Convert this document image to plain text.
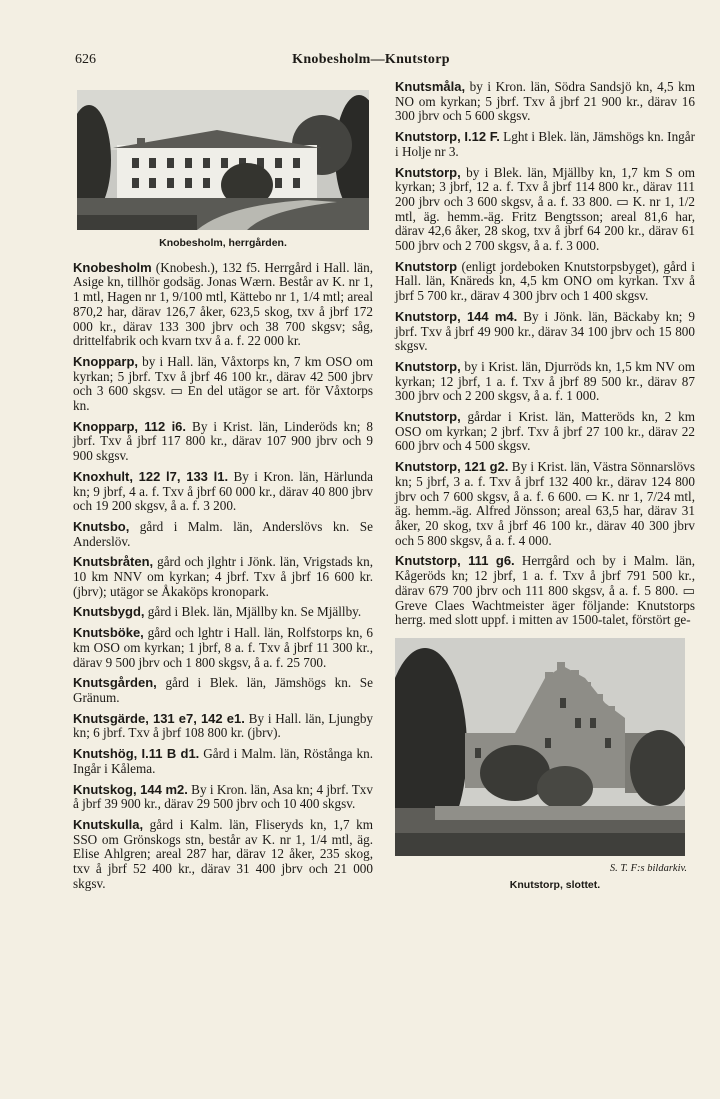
626	Knobesholm—Knutstorp
Knobesholm, herrgården.
Knobesholm (Knobesh.), 132 f5. Herrgård i Hall. län, Asige kn, tillhör godsäg. Jonas Wærn. Består av K. nr 1, 1 mtl, Hagen nr 1, 9/100 mtl, Kättebo nr 1, 1/4 mtl; areal 870,2 har, därav 126,7 åker, 623,5 skog, txv å jbrf 172 000 kr., därav 133 300 jbrv och 38 700 skgsv; såg, drittelfabrik och kvarn txv å a. f. 22 000 kr.
Knopparp, by i Hall. län, Våxtorps kn, 7 km OSO om kyrkan; 5 jbrf. Txv å jbrf 46 100 kr., därav 42 500 jbrv och 3 600 skgsv. ▭ En del utägor se art. för Våxtorps kn.
Knopparp, 112 i6. By i Krist. län, Linderöds kn; 8 jbrf. Txv å jbrf 117 800 kr., därav 107 900 jbrv och 9 900 skgsv.
Knoxhult, 122 l7, 133 l1. By i Kron. län, Härlunda kn; 9 jbrf, 4 a. f. Txv å jbrf 60 000 kr., därav 40 800 jbrv och 19 200 skgsv, å a. f. 3 200.
Knutsbo, gård i Malm. län, Anderslövs kn. Se Anderslöv.
Knutsbråten, gård och jlghtr i Jönk. län, Vrigstads kn, 10 km NNV om kyrkan; 4 jbrf. Txv å jbrf 16 600 kr. (jbrv); utägor se Åkaköps kronopark.
Knutsbygd, gård i Blek. län, Mjällby kn. Se Mjällby.
Knutsböke, gård och lghtr i Hall. län, Rolfstorps kn, 6 km OSO om kyrkan; 1 jbrf, 8 a. f. Txv å jbrf 11 300 kr., därav 9 500 jbrv och 1 800 skgsv, å a. f. 25 700.
Knutsgården, gård i Blek. län, Jämshögs kn. Se Gränum.
Knutsgärde, 131 e7, 142 e1. By i Hall. län, Ljungby kn; 6 jbrf. Txv å jbrf 108 800 kr. (jbrv).
Knutshög, I.11 B d1. Gård i Malm. län, Röstånga kn. Ingår i Kålema.
Knutskog, 144 m2. By i Kron. län, Asa kn; 4 jbrf. Txv å jbrf 39 900 kr., därav 29 500 jbrv och 10 400 skgsv.
Knutskulla, gård i Kalm. län, Fliseryds kn, 1,7 km SSO om Grönskogs stn, består av K. nr 1, 1/4 mtl, äg. Elise Ahlgren; areal 287 har, därav 12 åker, 235 skog, txv å jbrf 52 400 kr., därav 31 400 jbrv och 21 000 skgsv.
Knutsmåla, by i Kron. län, Södra Sandsjö kn, 4,5 km NO om kyrkan; 5 jbrf. Txv å jbrf 21 900 kr., därav 16 300 jbrv och 5 600 skgsv.
Knutstorp, I.12 F. Lght i Blek. län, Jämshögs kn. Ingår i Holje nr 3.
Knutstorp, by i Blek. län, Mjällby kn, 1,7 km S om kyrkan; 3 jbrf, 12 a. f. Txv å jbrf 114 800 kr., därav 111 200 jbrv och 3 600 skgsv, å a. f. 33 800. ▭ K. nr 1, 1/2 mtl, äg. hemm.-äg. Fritz Bengtsson; areal 81,6 har, därav 42,6 åker, 28 skog, txv å jbrf 64 200 kr., därav 61 500 jbrv och 2 700 skgsv, å a. f. 3 000.
Knutstorp (enligt jordeboken Knutstorpsbyget), gård i Hall. län, Knäreds kn, 4,5 km ONO om kyrkan. Txv å jbrf 5 700 kr., därav 4 300 jbrv och 1 400 skgsv.
Knutstorp, 144 m4. By i Jönk. län, Bäckaby kn; 9 jbrf. Txv å jbrf 49 900 kr., därav 34 100 jbrv och 15 800 skgsv.
Knutstorp, by i Krist. län, Djurröds kn, 1,5 km NV om kyrkan; 12 jbrf, 1 a. f. Txv å jbrf 89 500 kr., därav 87 300 jbrv och 2 200 skgsv, å a. f. 1 000.
Knutstorp, gårdar i Krist. län, Matteröds kn, 2 km OSO om kyrkan; 2 jbrf. Txv å jbrf 27 100 kr., därav 22 600 jbrv och 4 500 skgsv.
Knutstorp, 121 g2. By i Krist. län, Västra Sönnarslövs kn; 5 jbrf, 3 a. f. Txv å jbrf 132 400 kr., därav 124 800 jbrv och 7 600 skgsv, å a. f. 6 600. ▭ K. nr 1, 7/24 mtl, äg. hemm.-äg. Alfred Jönsson; areal 63,5 har, därav 31 åker, 20 skog, txv å jbrf 46 100 kr., därav 40 300 jbrv och 5 800 skgsv, å a. f. 4 000.
Knutstorp, 111 g6. Herrgård och by i Malm. län, Kågeröds kn; 12 jbrf, 1 a. f. Txv å jbrf 791 500 kr., därav 679 700 jbrv och 111 800 skgsv, å a. f. 5 800. ▭ Greve Claes Wachtmeister äger följande: Knutstorps herrg. med slott uppf. i mitten av 1500-talet, förstört ge-
S. T. F:s bildarkiv.
Knutstorp, slottet.
